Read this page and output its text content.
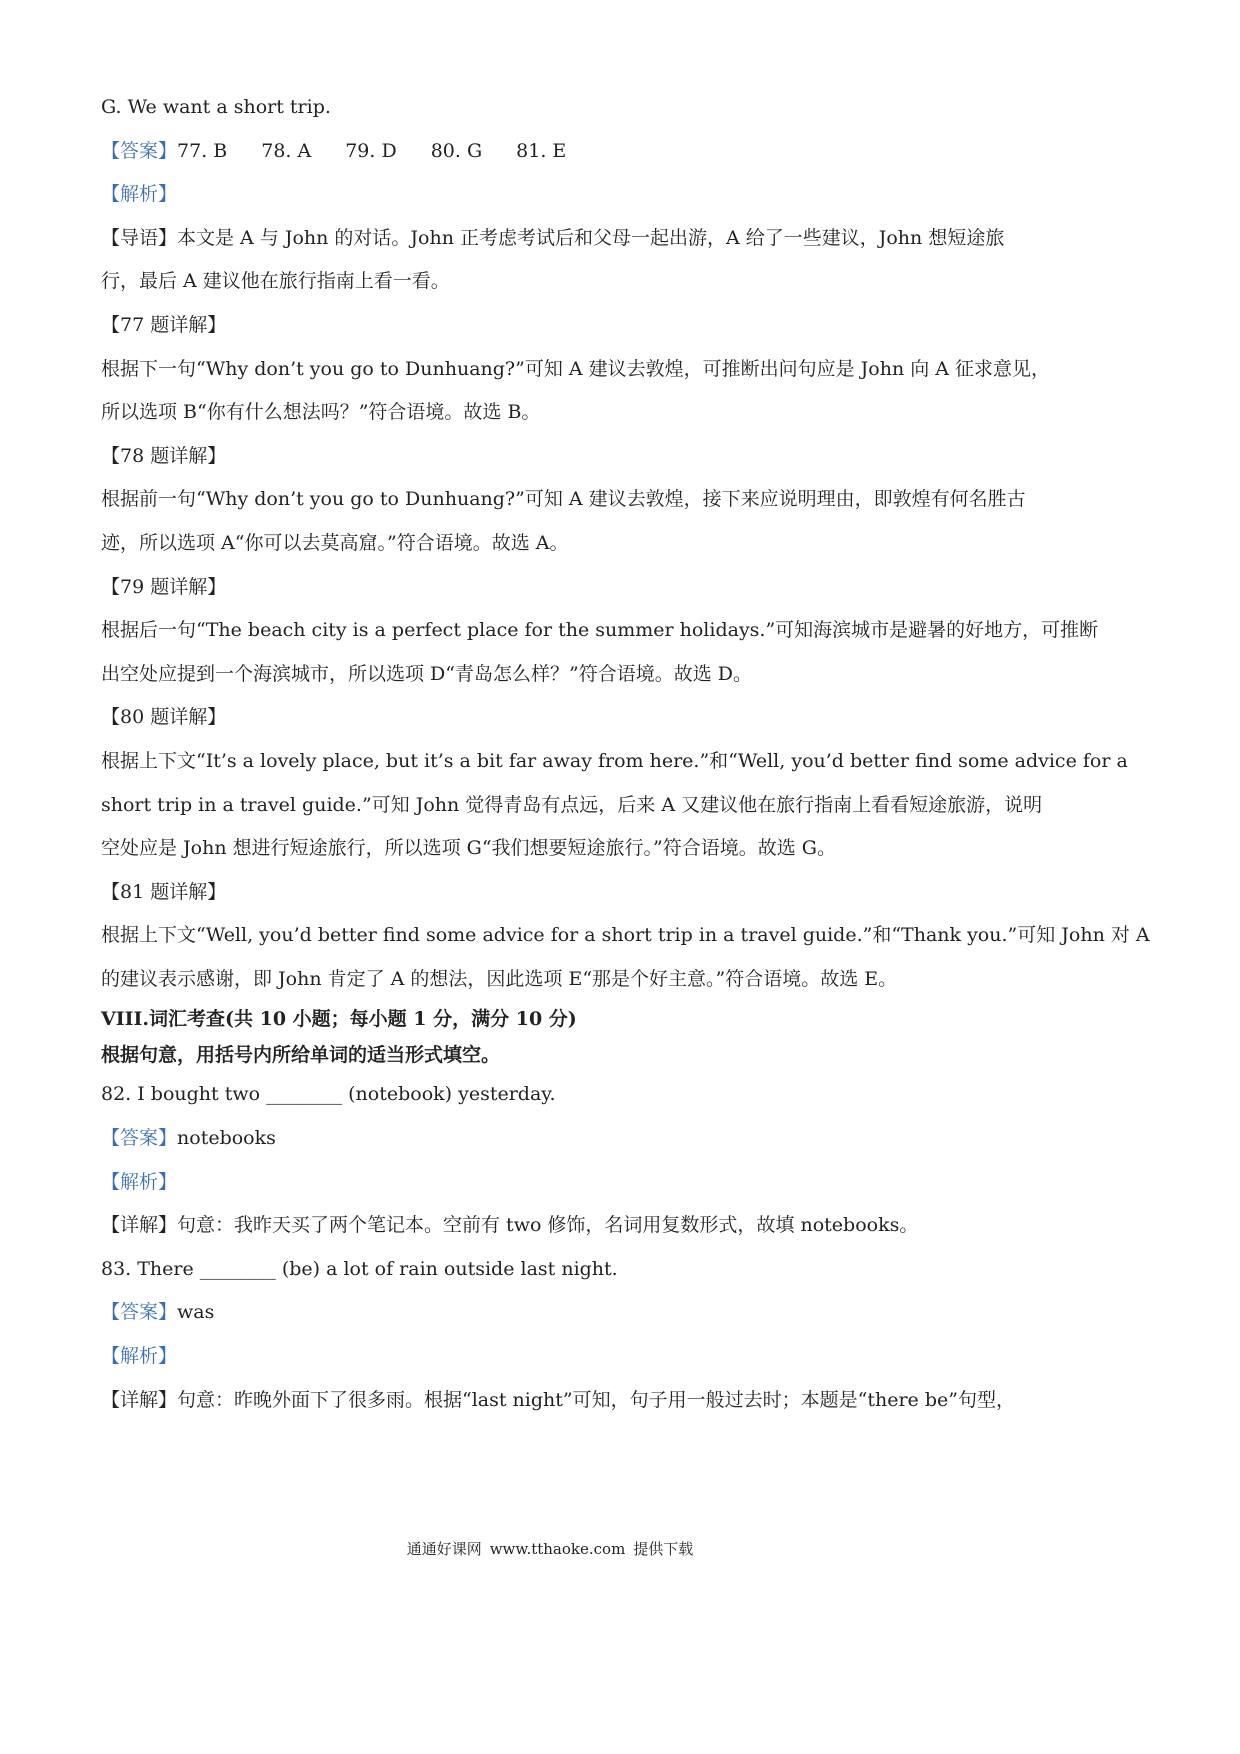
G. We want a short trip.
【答案】77. B 78. A 79. D 80. G 81. E
【解析】
【导语】本文是 A 与 John 的对话。John 正考虑考试后和父母一起出游，A 给了一些建议，John 想短途旅
行，最后 A 建议他在旅行指南上看一看。
【77 题详解】
根据下一句“Why don’t you go to Dunhuang?”可知 A 建议去敦煌，可推断出问句应是 John 向 A 征求意见，
所以选项 B“你有什么想法吗？”符合语境。故选 B。
【78 题详解】
根据前一句“Why don’t you go to Dunhuang?”可知 A 建议去敦煌，接下来应说明理由，即敦煌有何名胜古
迹，所以选项 A“你可以去莫高窟。”符合语境。故选 A。
【79 题详解】
根据后一句“The beach city is a perfect place for the summer holidays.”可知海滨城市是避暑的好地方，可推断
出空处应提到一个海滨城市，所以选项 D“青岛怎么样？”符合语境。故选 D。
【80 题详解】
根据上下文“It’s a lovely place, but it’s a bit far away from here.”和“Well, you’d better find some advice for a
short trip in a travel guide.”可知 John 觉得青岛有点远，后来 A 又建议他在旅行指南上看看短途旅游，说明
空处应是 John 想进行短途旅行，所以选项 G“我们想要短途旅行。”符合语境。故选 G。
【81 题详解】
根据上下文“Well, you’d better find some advice for a short trip in a travel guide.”和“Thank you.”可知 John 对 A
的建议表示感谢，即 John 肯定了 A 的想法，因此选项 E“那是个好主意。”符合语境。故选 E。
VIII.词汇考查(共 10 小题；每小题 1 分，满分 10 分)
根据句意，用括号内所给单词的适当形式填空。
82. I bought two ________ (notebook) yesterday.
【答案】notebooks
【解析】
【详解】句意：我昨天买了两个笔记本。空前有 two 修饰，名词用复数形式，故填 notebooks。
83. There ________ (be) a lot of rain outside last night.
【答案】was
【解析】
【详解】句意：昨晚外面下了很多雨。根据“last night”可知，句子用一般过去时；本题是“there be”句型，
通通好课网 www.tthaoke.com 提供下载
